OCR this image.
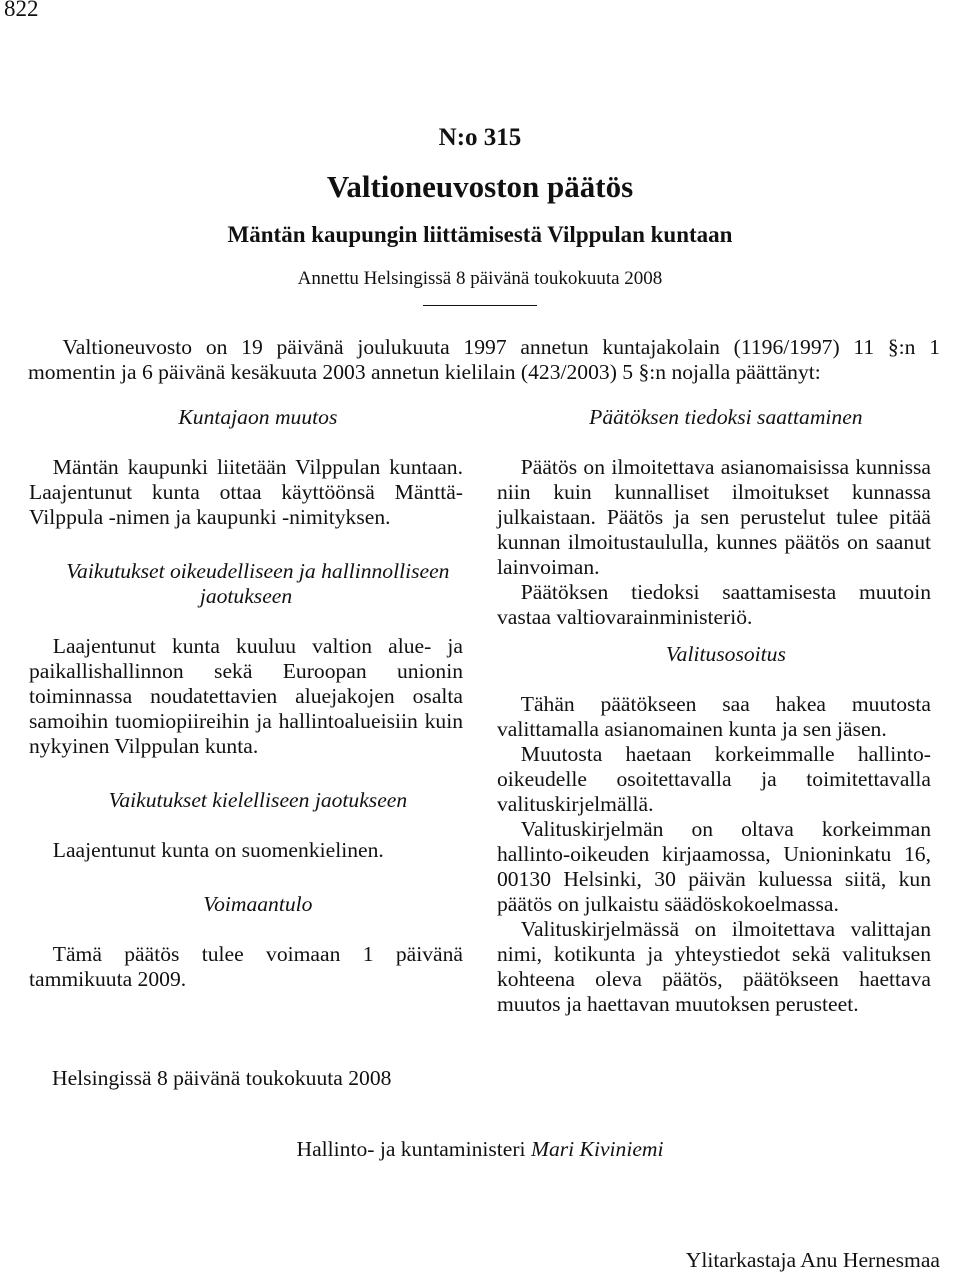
822
N:o 315
Valtioneuvoston päätös
Mäntän kaupungin liittämisestä Vilppulan kuntaan
Annettu Helsingissä 8 päivänä toukokuuta 2008

Valtioneuvosto on 19 päivänä joulukuuta 1997 annetun kuntajakolain (1196/1997) 11 §:n 1 momentin ja 6 päivänä kesäkuuta 2003 annetun kielilain (423/2003) 5 §:n nojalla päättänyt:

Kuntajaon muutos

Mäntän kaupunki liitetään Vilppulan kuntaan. Laajentunut kunta ottaa käyttöönsä Mänttä-Vilppula -nimen ja kaupunki -nimityksen.

Vaikutukset oikeudelliseen ja hallinnolliseen jaotukseen

Laajentunut kunta kuuluu valtion alue- ja paikallishallinnon sekä Euroopan unionin toiminnassa noudatettavien aluejakojen osalta samoihin tuomiopiireihin ja hallintoalueisiin kuin nykyinen Vilppulan kunta.

Vaikutukset kielelliseen jaotukseen

Laajentunut kunta on suomenkielinen.

Voimaantulo

Tämä päätös tulee voimaan 1 päivänä tammikuuta 2009.

Päätöksen tiedoksi saattaminen

Päätös on ilmoitettava asianomaisissa kunnissa niin kuin kunnalliset ilmoitukset kunnassa julkaistaan. Päätös ja sen perustelut tulee pitää kunnan ilmoitustaululla, kunnes päätös on saanut lainvoiman.

Päätöksen tiedoksi saattamisesta muutoin vastaa valtiovarainministeriö.

Valitusosoitus

Tähän päätökseen saa hakea muutosta valittamalla asianomainen kunta ja sen jäsen.

Muutosta haetaan korkeimmalle hallinto-oikeudelle osoitettavalla ja toimitettavalla valituskirjelmällä.

Valituskirjelmän on oltava korkeimman hallinto-oikeuden kirjaamossa, Unioninkatu 16, 00130 Helsinki, 30 päivän kuluessa siitä, kun päätös on julkaistu säädöskokoelmassa.

Valituskirjelmässä on ilmoitettava valittajan nimi, kotikunta ja yhteystiedot sekä valituksen kohteena oleva päätös, päätökseen haettava muutos ja haettavan muutoksen perusteet.

Helsingissä 8 päivänä toukokuuta 2008
Hallinto- ja kuntaministeri Mari Kiviniemi
Ylitarkastaja Anu Hernesmaa
